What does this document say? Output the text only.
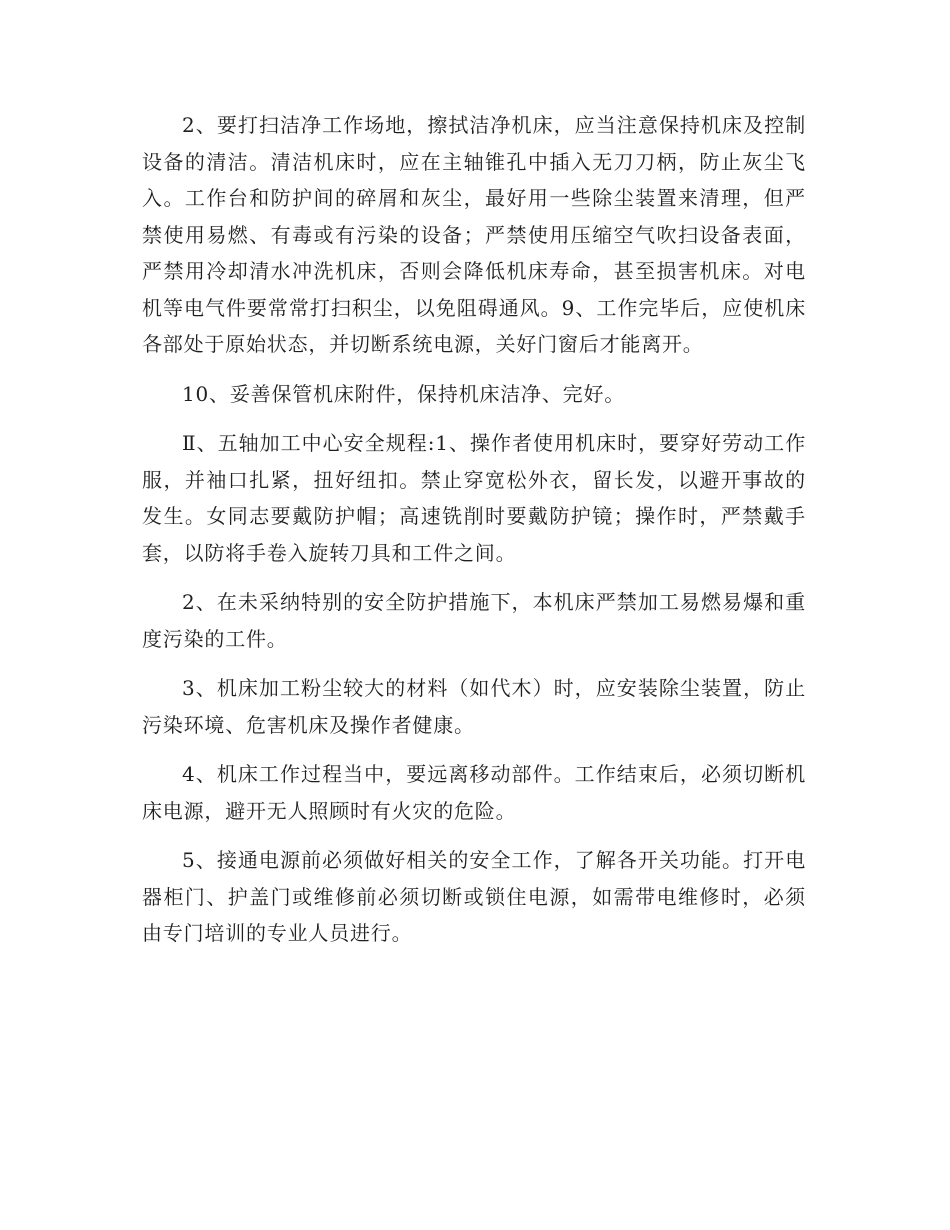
2、要打扫洁净工作场地，擦拭洁净机床，应当注意保持机床及控制设备的清洁。清洁机床时，应在主轴锥孔中插入无刀刀柄，防止灰尘飞入。工作台和防护间的碎屑和灰尘，最好用一些除尘装置来清理，但严禁使用易燃、有毒或有污染的设备；严禁使用压缩空气吹扫设备表面，严禁用冷却清水冲洗机床，否则会降低机床寿命，甚至损害机床。对电机等电气件要常常打扫积尘，以免阻碍通风。9、工作完毕后，应使机床各部处于原始状态，并切断系统电源，关好门窗后才能离开。

10、妥善保管机床附件，保持机床洁净、完好。

Ⅱ、五轴加工中心安全规程:1、操作者使用机床时，要穿好劳动工作服，并袖口扎紧，扭好纽扣。禁止穿宽松外衣，留长发，以避开事故的发生。女同志要戴防护帽；高速铣削时要戴防护镜；操作时，严禁戴手套，以防将手卷入旋转刀具和工件之间。

2、在未采纳特别的安全防护措施下，本机床严禁加工易燃易爆和重度污染的工件。

3、机床加工粉尘较大的材料（如代木）时，应安装除尘装置，防止污染环境、危害机床及操作者健康。

4、机床工作过程当中，要远离移动部件。工作结束后，必须切断机床电源，避开无人照顾时有火灾的危险。

5、接通电源前必须做好相关的安全工作，了解各开关功能。打开电器柜门、护盖门或维修前必须切断或锁住电源，如需带电维修时，必须由专门培训的专业人员进行。
